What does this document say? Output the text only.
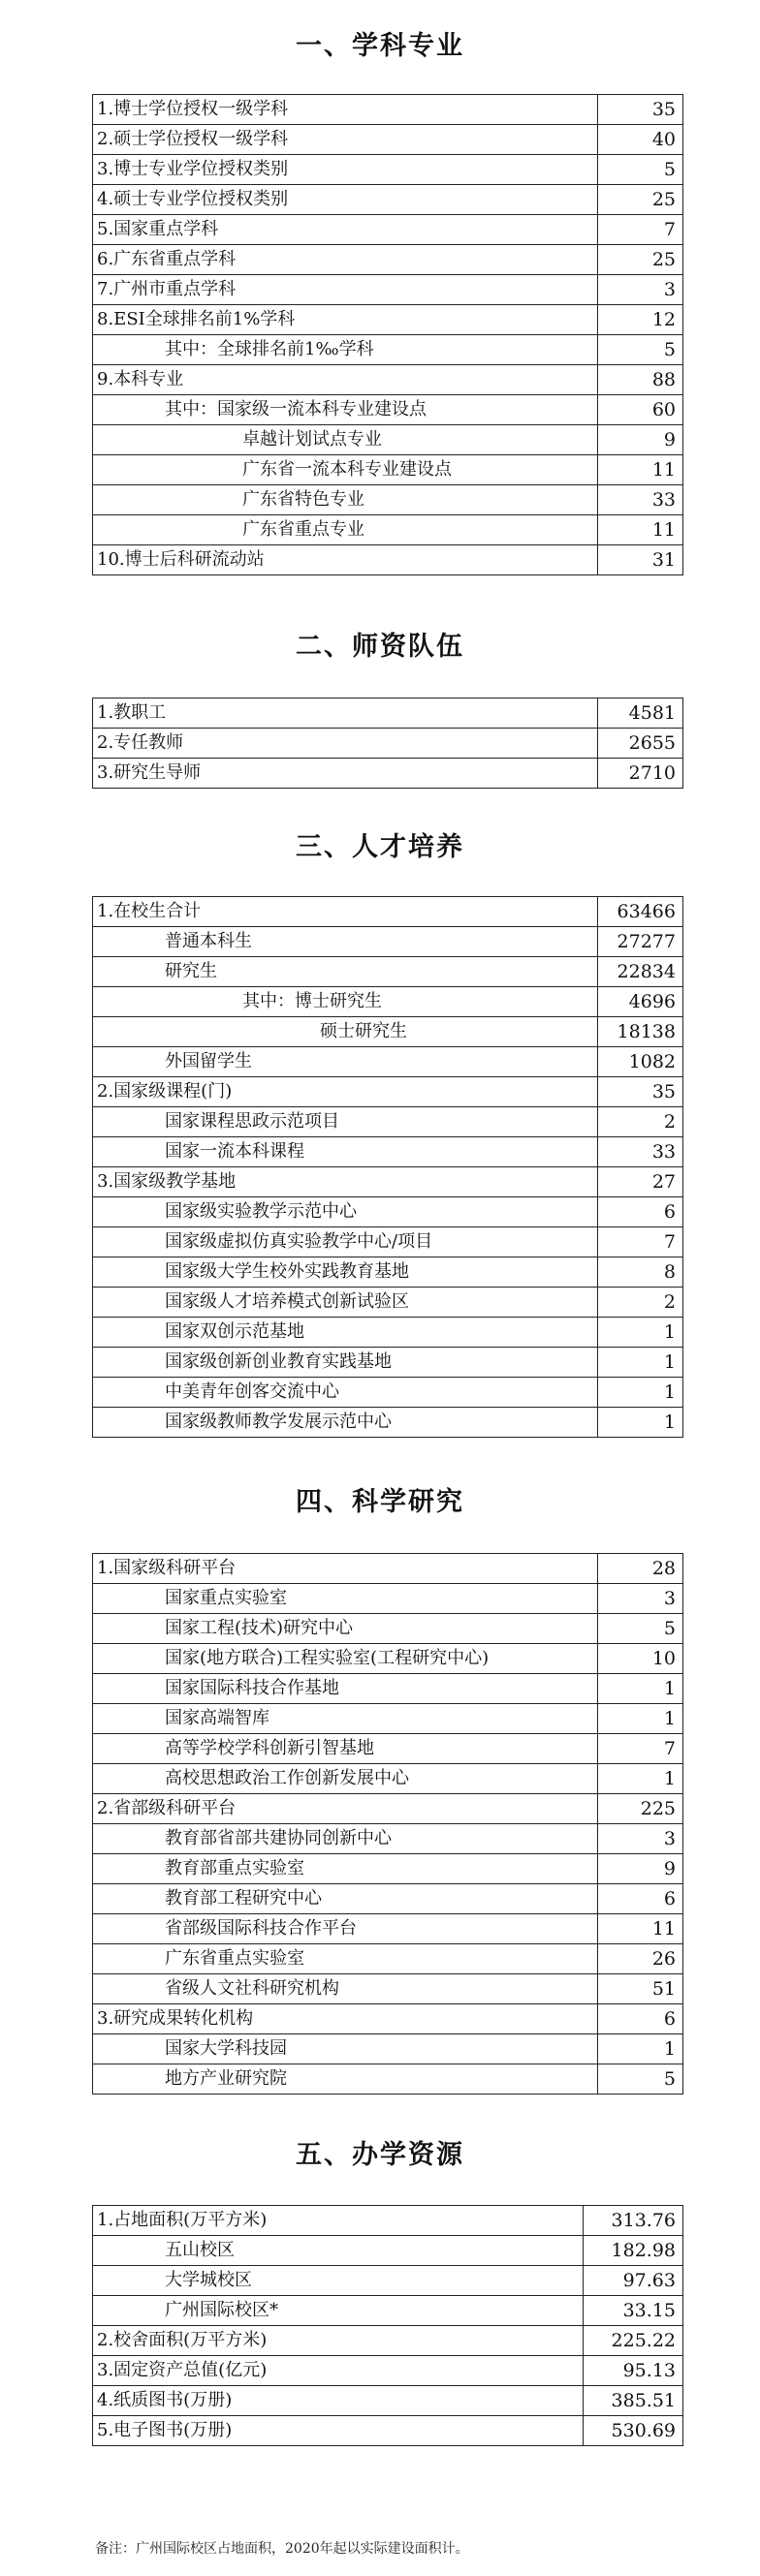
一、学科专业
1.博士学位授权一级学科	35
2.硕士学位授权一级学科	40
3.博士专业学位授权类别	5
4.硕士专业学位授权类别	25
5.国家重点学科	7
6.广东省重点学科	25
7.广州市重点学科	3
8.ESI全球排名前1%学科	12
其中：全球排名前1‰学科	5
9.本科专业	88
其中：国家级一流本科专业建设点	60
卓越计划试点专业	9
广东省一流本科专业建设点	11
广东省特色专业	33
广东省重点专业	11
10.博士后科研流动站	31
二、师资队伍
1.教职工	4581
2.专任教师	2655
3.研究生导师	2710
三、人才培养
1.在校生合计	63466
普通本科生	27277
研究生	22834
其中：博士研究生	4696
硕士研究生	18138
外国留学生	1082
2.国家级课程(门)	35
国家课程思政示范项目	2
国家一流本科课程	33
3.国家级教学基地	27
国家级实验教学示范中心	6
国家级虚拟仿真实验教学中心/项目	7
国家级大学生校外实践教育基地	8
国家级人才培养模式创新试验区	2
国家双创示范基地	1
国家级创新创业教育实践基地	1
中美青年创客交流中心	1
国家级教师教学发展示范中心	1
四、科学研究
1.国家级科研平台	28
国家重点实验室	3
国家工程(技术)研究中心	5
国家(地方联合)工程实验室(工程研究中心)	10
国家国际科技合作基地	1
国家高端智库	1
高等学校学科创新引智基地	7
高校思想政治工作创新发展中心	1
2.省部级科研平台	225
教育部省部共建协同创新中心	3
教育部重点实验室	9
教育部工程研究中心	6
省部级国际科技合作平台	11
广东省重点实验室	26
省级人文社科研究机构	51
3.研究成果转化机构	6
国家大学科技园	1
地方产业研究院	5
五、办学资源
1.占地面积(万平方米)	313.76
五山校区	182.98
大学城校区	97.63
广州国际校区*	33.15
2.校舍面积(万平方米)	225.22
3.固定资产总值(亿元)	95.13
4.纸质图书(万册)	385.51
5.电子图书(万册)	530.69
备注：广州国际校区占地面积，2020年起以实际建设面积计。
